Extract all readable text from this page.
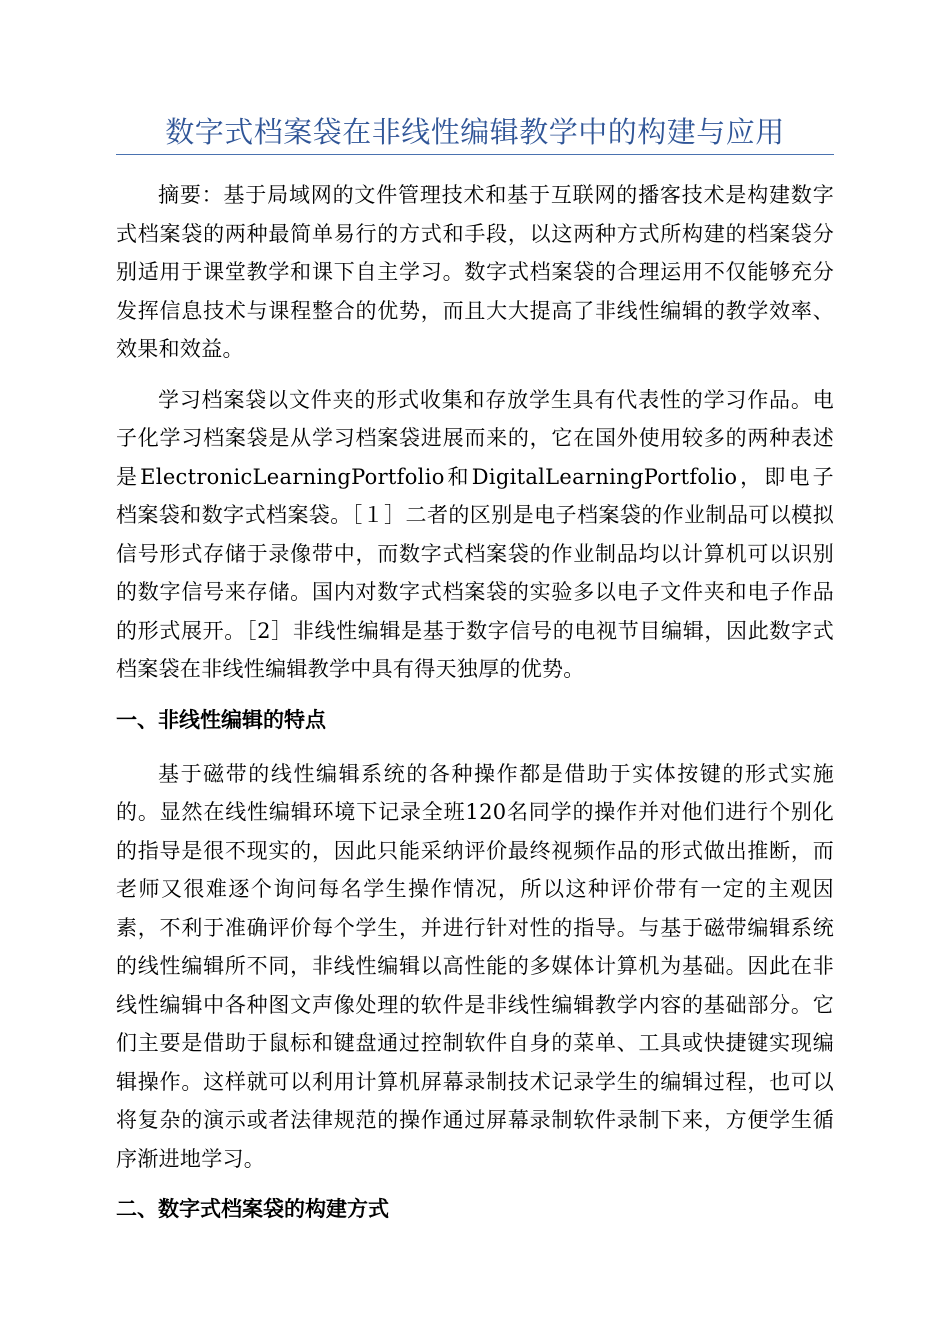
数字式档案袋在非线性编辑教学中的构建与应用

摘要：基于局域网的文件管理技术和基于互联网的播客技术是构建数字式档案袋的两种最简单易行的方式和手段，以这两种方式所构建的档案袋分别适用于课堂教学和课下自主学习。数字式档案袋的合理运用不仅能够充分发挥信息技术与课程整合的优势，而且大大提高了非线性编辑的教学效率、效果和效益。

学习档案袋以文件夹的形式收集和存放学生具有代表性的学习作品。电子化学习档案袋是从学习档案袋进展而来的，它在国外使用较多的两种表述是ElectronicLearningPortfolio和DigitalLearningPortfolio，即电子档案袋和数字式档案袋。［１］二者的区别是电子档案袋的作业制品可以模拟信号形式存储于录像带中，而数字式档案袋的作业制品均以计算机可以识别的数字信号来存储。国内对数字式档案袋的实验多以电子文件夹和电子作品的形式展开。［2］非线性编辑是基于数字信号的电视节目编辑，因此数字式档案袋在非线性编辑教学中具有得天独厚的优势。

一、非线性编辑的特点

基于磁带的线性编辑系统的各种操作都是借助于实体按键的形式实施的。显然在线性编辑环境下记录全班120名同学的操作并对他们进行个别化的指导是很不现实的，因此只能采纳评价最终视频作品的形式做出推断，而老师又很难逐个询问每名学生操作情况，所以这种评价带有一定的主观因素，不利于准确评价每个学生，并进行针对性的指导。与基于磁带编辑系统的线性编辑所不同，非线性编辑以高性能的多媒体计算机为基础。因此在非线性编辑中各种图文声像处理的软件是非线性编辑教学内容的基础部分。它们主要是借助于鼠标和键盘通过控制软件自身的菜单、工具或快捷键实现编辑操作。这样就可以利用计算机屏幕录制技术记录学生的编辑过程，也可以将复杂的演示或者法律规范的操作通过屏幕录制软件录制下来，方便学生循序渐进地学习。

二、数字式档案袋的构建方式
